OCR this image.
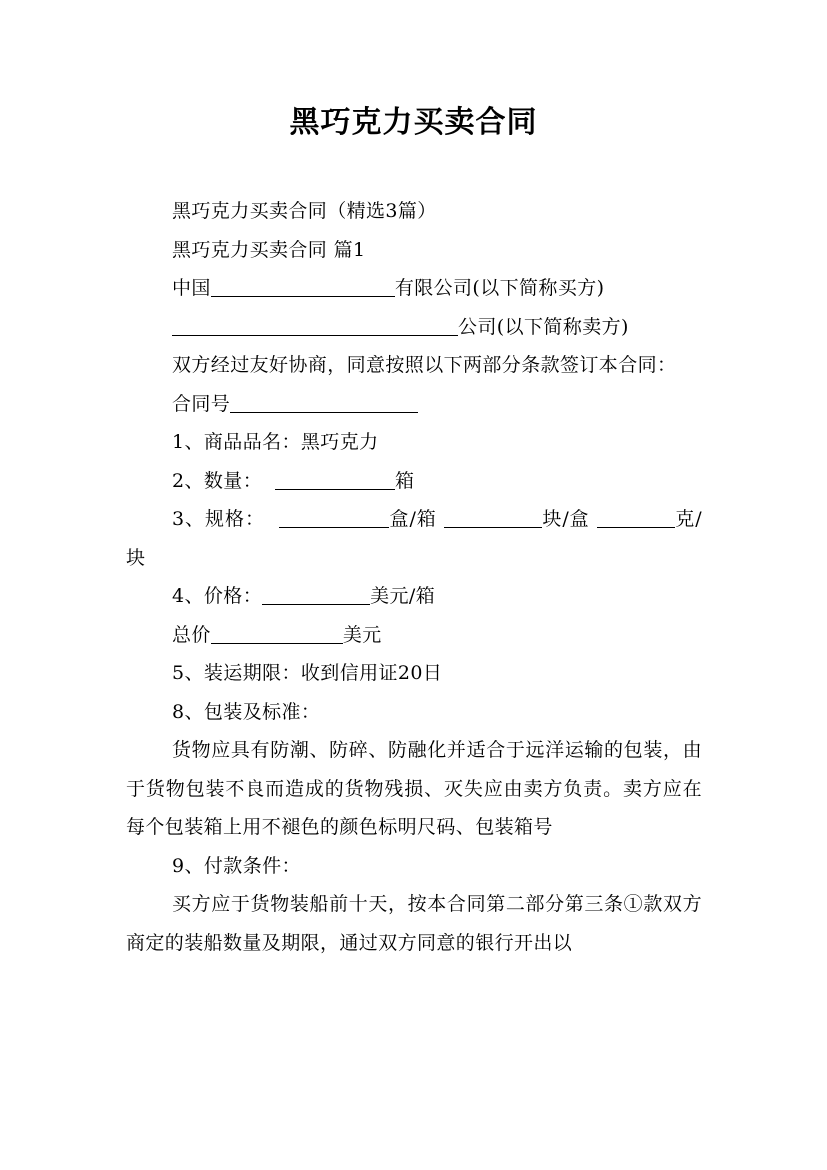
黑巧克力买卖合同

黑巧克力买卖合同（精选3篇）

黑巧克力买卖合同 篇1

中国	有限公司(以下简称买方)

公司(以下简称卖方)

双方经过友好协商，同意按照以下两部分条款签订本合同：

合同号

1、商品品名：黑巧克力

2、数量：	箱

3、规格：	盒/箱	块/盒	克/块

4、价格：	美元/箱

总价	美元

5、装运期限：收到信用证20日

8、包装及标准：

货物应具有防潮、防碎、防融化并适合于远洋运输的包装，由于货物包装不良而造成的货物残损、灭失应由卖方负责。卖方应在每个包装箱上用不褪色的颜色标明尺码、包装箱号

9、付款条件：

买方应于货物装船前十天，按本合同第二部分第三条①款双方商定的装船数量及期限，通过双方同意的银行开出以
